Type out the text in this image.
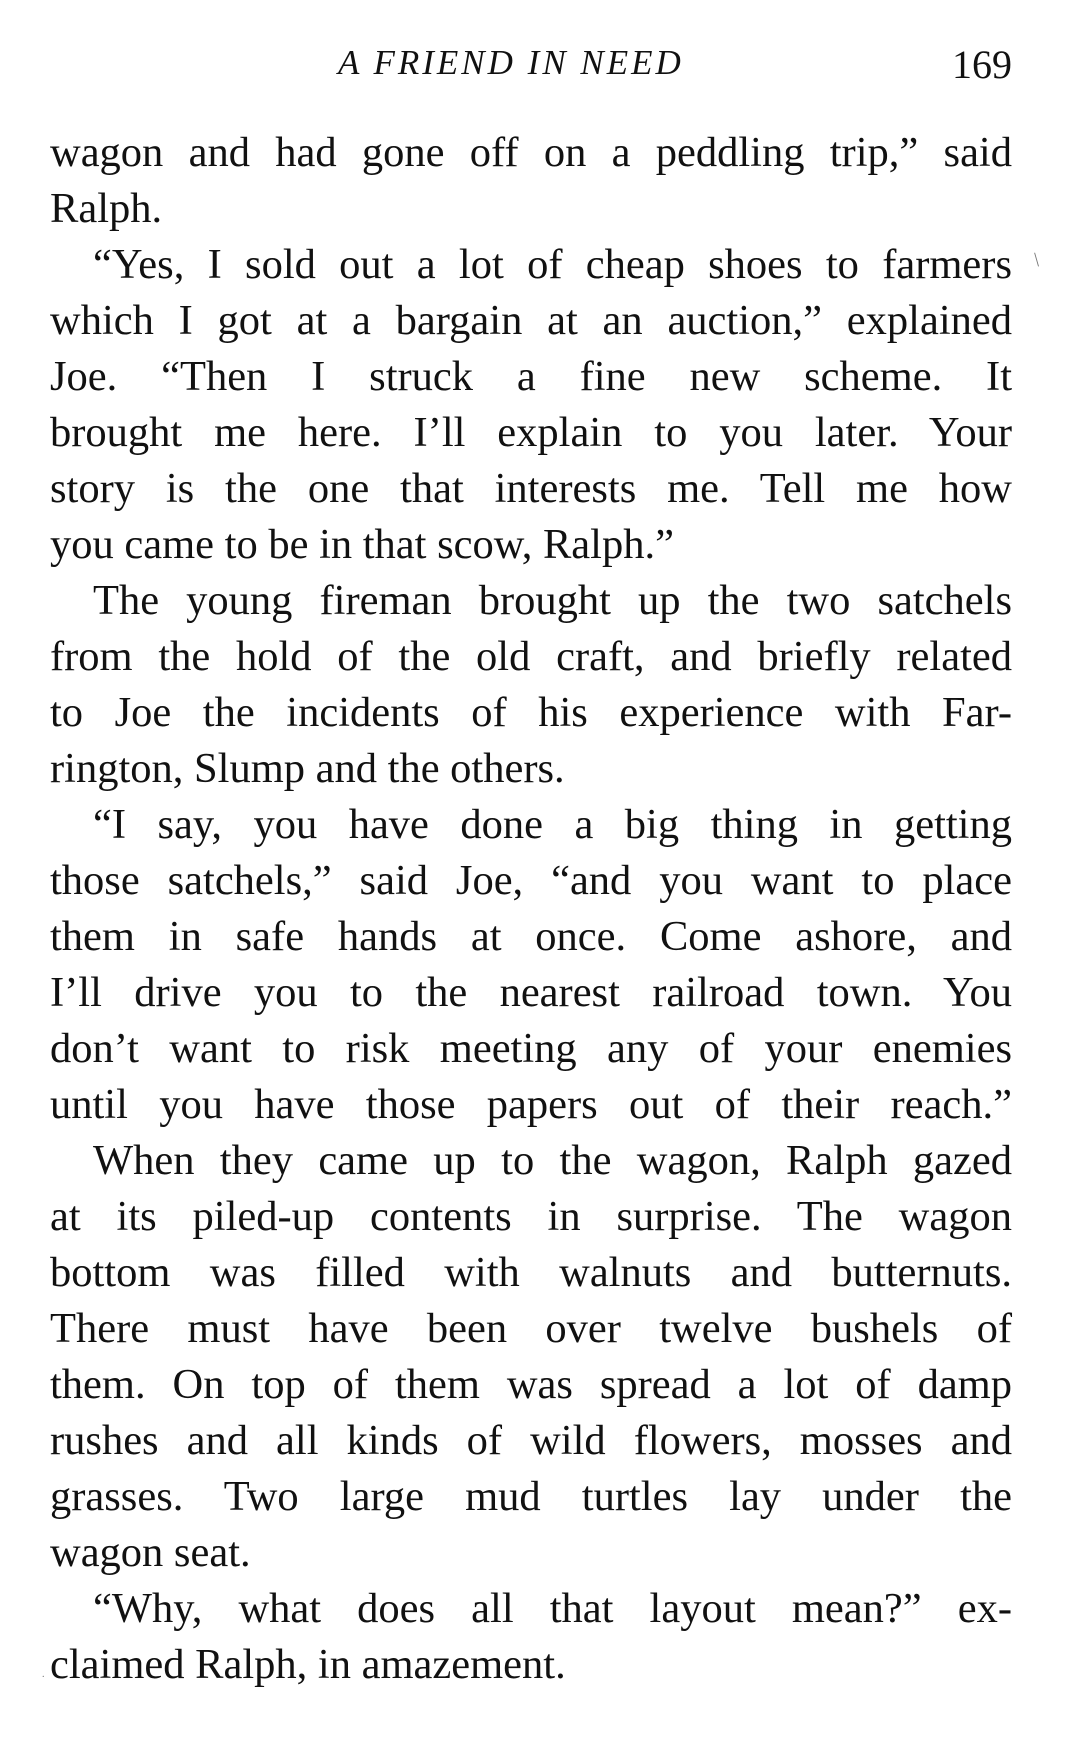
A FRIEND IN NEED	169
wagon and had gone off on a peddling trip,” said
Ralph.
“Yes, I sold out a lot of cheap shoes to farmers
which I got at a bargain at an auction,” explained
Joe. “Then I struck a fine new scheme. It
brought me here. I’ll explain to you later. Your
story is the one that interests me. Tell me how
you came to be in that scow, Ralph.”
The young fireman brought up the two satchels
from the hold of the old craft, and briefly related
to Joe the incidents of his experience with Far-
rington, Slump and the others.
“I say, you have done a big thing in getting
those satchels,” said Joe, “and you want to place
them in safe hands at once. Come ashore, and
I’ll drive you to the nearest railroad town. You
don’t want to risk meeting any of your enemies
until you have those papers out of their reach.”
When they came up to the wagon, Ralph gazed
at its piled-up contents in surprise. The wagon
bottom was filled with walnuts and butternuts.
There must have been over twelve bushels of
them. On top of them was spread a lot of damp
rushes and all kinds of wild flowers, mosses and
grasses. Two large mud turtles lay under the
wagon seat.
“Why, what does all that layout mean?” ex-
claimed Ralph, in amazement.
/
.
